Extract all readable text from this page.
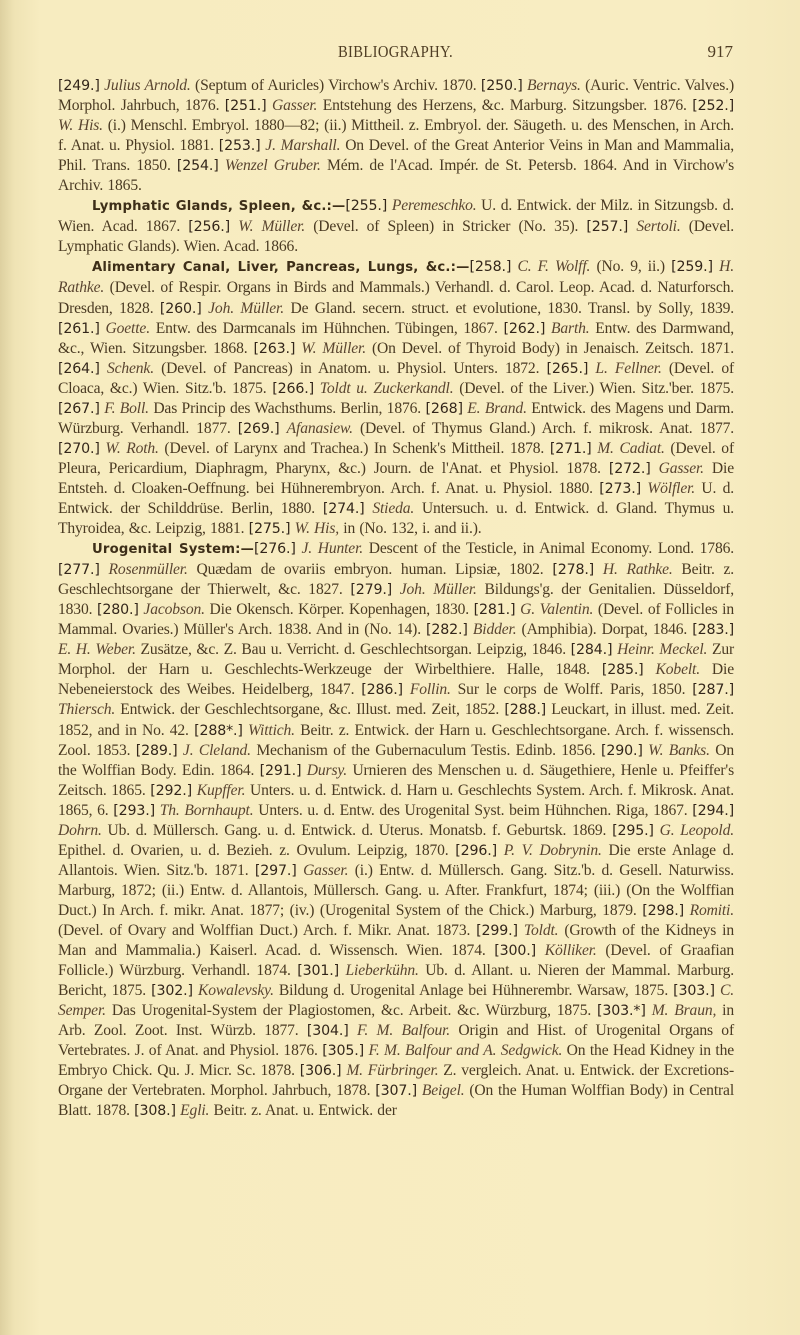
BIBLIOGRAPHY.	917

[249.] Julius Arnold. (Septum of Auricles) Virchow's Archiv. 1870. [250.] Bernays. (Auric. Ventric. Valves.) Morphol. Jahrbuch, 1876. [251.] Gasser. Entstehung des Herzens, &c. Marburg. Sitzungsber. 1876. [252.] W. His. (i.) Menschl. Embryol. 1880—82; (ii.) Mittheil. z. Embryol. der. Säugeth. u. des Menschen, in Arch. f. Anat. u. Physiol. 1881. [253.] J. Marshall. On Devel. of the Great Anterior Veins in Man and Mammalia, Phil. Trans. 1850. [254.] Wenzel Gruber. Mém. de l'Acad. Impér. de St. Petersb. 1864. And in Virchow's Archiv. 1865.

Lymphatic Glands, Spleen, &c.:—[255.] Peremeschko. U. d. Entwick. der Milz. in Sitzungsb. d. Wien. Acad. 1867. [256.] W. Müller. (Devel. of Spleen) in Stricker (No. 35). [257.] Sertoli. (Devel. Lymphatic Glands). Wien. Acad. 1866.

Alimentary Canal, Liver, Pancreas, Lungs, &c.:—[258.] C. F. Wolff. (No. 9, ii.) [259.] H. Rathke. (Devel. of Respir. Organs in Birds and Mammals.) Verhandl. d. Carol. Leop. Acad. d. Naturforsch. Dresden, 1828. [260.] Joh. Müller. De Gland. secern. struct. et evolutione, 1830. Transl. by Solly, 1839. [261.] Goette. Entw. des Darmcanals im Hühnchen. Tübingen, 1867. [262.] Barth. Entw. des Darmwand, &c., Wien. Sitzungsber. 1868. [263.] W. Müller. (On Devel. of Thyroid Body) in Jenaisch. Zeitsch. 1871. [264.] Schenk. (Devel. of Pancreas) in Anatom. u. Physiol. Unters. 1872. [265.] L. Fellner. (Devel. of Cloaca, &c.) Wien. Sitz.'b. 1875. [266.] Toldt u. Zuckerkandl. (Devel. of the Liver.) Wien. Sitz.'ber. 1875. [267.] F. Boll. Das Princip des Wachsthums. Berlin, 1876. [268] E. Brand. Entwick. des Magens und Darm. Würzburg. Verhandl. 1877. [269.] Afanasiew. (Devel. of Thymus Gland.) Arch. f. mikrosk. Anat. 1877. [270.] W. Roth. (Devel. of Larynx and Trachea.) In Schenk's Mittheil. 1878. [271.] M. Cadiat. (Devel. of Pleura, Pericardium, Diaphragm, Pharynx, &c.) Journ. de l'Anat. et Physiol. 1878. [272.] Gasser. Die Entsteh. d. Cloaken-Oeffnung. bei Hühnerembryon. Arch. f. Anat. u. Physiol. 1880. [273.] Wölfler. U. d. Entwick. der Schilddrüse. Berlin, 1880. [274.] Stieda. Untersuch. u. d. Entwick. d. Gland. Thymus u. Thyroidea, &c. Leipzig, 1881. [275.] W. His, in (No. 132, i. and ii.).

Urogenital System:—[276.] J. Hunter. Descent of the Testicle, in Animal Economy. Lond. 1786. [277.] Rosenmüller. Quædam de ovariis embryon. human. Lipsiæ, 1802. [278.] H. Rathke. Beitr. z. Geschlechtsorgane der Thierwelt, &c. 1827. [279.] Joh. Müller. Bildungs'g. der Genitalien. Düsseldorf, 1830. [280.] Jacobson. Die Okensch. Körper. Kopenhagen, 1830. [281.] G. Valentin. (Devel. of Follicles in Mammal. Ovaries.) Müller's Arch. 1838. And in (No. 14). [282.] Bidder. (Amphibia). Dorpat, 1846. [283.] E. H. Weber. Zusätze, &c. Z. Bau u. Verricht. d. Geschlechtsorgan. Leipzig, 1846. [284.] Heinr. Meckel. Zur Morphol. der Harn u. Geschlechts-Werkzeuge der Wirbelthiere. Halle, 1848. [285.] Kobelt. Die Nebeneierstock des Weibes. Heidelberg, 1847. [286.] Follin. Sur le corps de Wolff. Paris, 1850. [287.] Thiersch. Entwick. der Geschlechtsorgane, &c. Illust. med. Zeit, 1852. [288.] Leuckart, in illust. med. Zeit. 1852, and in No. 42. [288*.] Wittich. Beitr. z. Entwick. der Harn u. Geschlechtsorgane. Arch. f. wissensch. Zool. 1853. [289.] J. Cleland. Mechanism of the Gubernaculum Testis. Edinb. 1856. [290.] W. Banks. On the Wolffian Body. Edin. 1864. [291.] Dursy. Urnieren des Menschen u. d. Säugethiere, Henle u. Pfeiffer's Zeitsch. 1865. [292.] Kupffer. Unters. u. d. Entwick. d. Harn u. Geschlechts System. Arch. f. Mikrosk. Anat. 1865, 6. [293.] Th. Bornhaupt. Unters. u. d. Entw. des Urogenital Syst. beim Hühnchen. Riga, 1867. [294.] Dohrn. Ub. d. Müllersch. Gang. u. d. Entwick. d. Uterus. Monatsb. f. Geburtsk. 1869. [295.] G. Leopold. Epithel. d. Ovarien, u. d. Bezieh. z. Ovulum. Leipzig, 1870. [296.] P. V. Dobrynin. Die erste Anlage d. Allantois. Wien. Sitz.'b. 1871. [297.] Gasser. (i.) Entw. d. Müllersch. Gang. Sitz.'b. d. Gesell. Naturwiss. Marburg, 1872; (ii.) Entw. d. Allantois, Müllersch. Gang. u. After. Frankfurt, 1874; (iii.) (On the Wolffian Duct.) In Arch. f. mikr. Anat. 1877; (iv.) (Urogenital System of the Chick.) Marburg, 1879. [298.] Romiti. (Devel. of Ovary and Wolffian Duct.) Arch. f. Mikr. Anat. 1873. [299.] Toldt. (Growth of the Kidneys in Man and Mammalia.) Kaiserl. Acad. d. Wissensch. Wien. 1874. [300.] Kölliker. (Devel. of Graafian Follicle.) Würzburg. Verhandl. 1874. [301.] Lieberkühn. Ub. d. Allant. u. Nieren der Mammal. Marburg. Bericht, 1875. [302.] Kowalevsky. Bildung d. Urogenital Anlage bei Hühnerembr. Warsaw, 1875. [303.] C. Semper. Das Urogenital-System der Plagiostomen, &c. Arbeit. &c. Würzburg, 1875. [303.*] M. Braun, in Arb. Zool. Zoot. Inst. Würzb. 1877. [304.] F. M. Balfour. Origin and Hist. of Urogenital Organs of Vertebrates. J. of Anat. and Physiol. 1876. [305.] F. M. Balfour and A. Sedgwick. On the Head Kidney in the Embryo Chick. Qu. J. Micr. Sc. 1878. [306.] M. Fürbringer. Z. vergleich. Anat. u. Entwick. der Excretions-Organe der Vertebraten. Morphol. Jahrbuch, 1878. [307.] Beigel. (On the Human Wolffian Body) in Central Blatt. 1878. [308.] Egli. Beitr. z. Anat. u. Entwick. der
